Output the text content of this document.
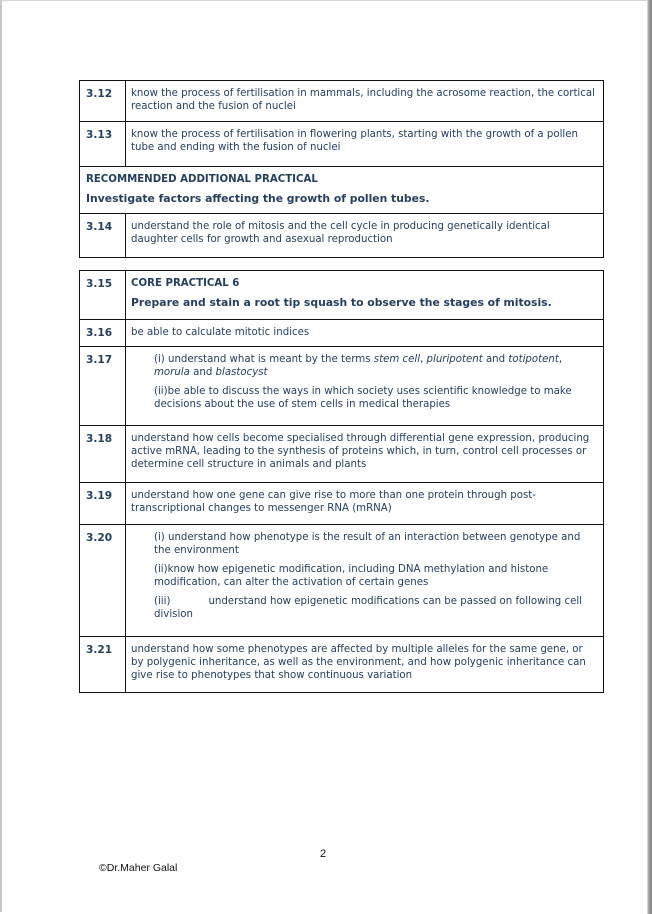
3.12	know the process of fertilisation in mammals, including the acrosome reaction, the cortical reaction and the fusion of nuclei
3.13	know the process of fertilisation in flowering plants, starting with the growth of a pollen tube and ending with the fusion of nuclei

RECOMMENDED ADDITIONAL PRACTICAL
Investigate factors affecting the growth of pollen tubes.	

3.14	understand the role of mitosis and the cell cycle in producing genetically identical daughter cells for growth and asexual reproduction
3.15	CORE PRACTICAL 6
Prepare and stain a root tip squash to observe the stages of mitosis.

3.16	be able to calculate mitotic indices
3.17	(i) understand what is meant by the terms stem cell, pluripotent and totipotent, morula and blastocyst
(ii)be able to discuss the ways in which society uses scientific knowledge to make decisions about the use of stem cells in medical therapies

3.18	understand how cells become specialised through differential gene expression, producing active mRNA, leading to the synthesis of proteins which, in turn, control cell processes or determine cell structure in animals and plants
3.19	understand how one gene can give rise to more than one protein through post-transcriptional changes to messenger RNA (mRNA)
3.20	(i) understand how phenotype is the result of an interaction between genotype and the environment
(ii)know how epigenetic modification, including DNA methylation and histone modification, can alter the activation of certain genes
(iii) understand how epigenetic modifications can be passed on following cell division

3.21	understand how some phenotypes are affected by multiple alleles for the same gene, or by polygenic inheritance, as well as the environment, and how polygenic inheritance can give rise to phenotypes that show continuous variation
2
©Dr.Maher Galal
